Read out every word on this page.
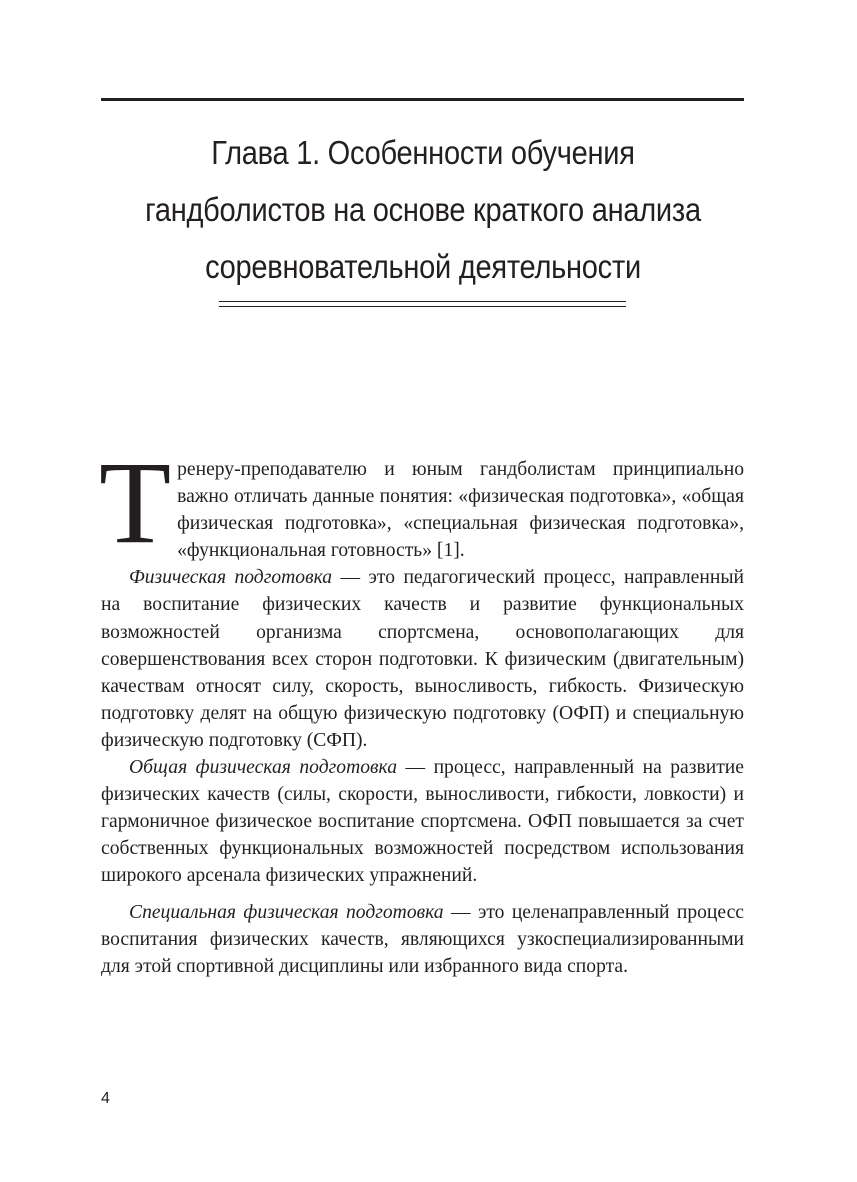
Глава 1. Особенности обучения
гандболистов на основе краткого анализа
соревновательной деятельности

Тренеру-преподавателю и юным гандболистам принципиально важно отличать данные понятия: «физическая подготовка», «общая физическая подготовка», «специальная физическая подготовка», «функциональная готовность» [1].

Физическая подготовка — это педагогический процесс, направленный на воспитание физических качеств и развитие функциональных возможностей организма спортсмена, основополагающих для совершенствования всех сторон подготовки. К физическим (двигательным) качествам относят силу, скорость, выносливость, гибкость. Физическую подготовку делят на общую физическую подготовку (ОФП) и специальную физическую подготовку (СФП).

Общая физическая подготовка — процесс, направленный на развитие физических качеств (силы, скорости, выносливости, гибкости, ловкости) и гармоничное физическое воспитание спортсмена. ОФП повышается за счет собственных функциональных возможностей посредством использования широкого арсенала физических упражнений.

Специальная физическая подготовка — это целенаправленный процесс воспитания физических качеств, являющихся узкоспециализированными для этой спортивной дисциплины или избранного вида спорта.

4
